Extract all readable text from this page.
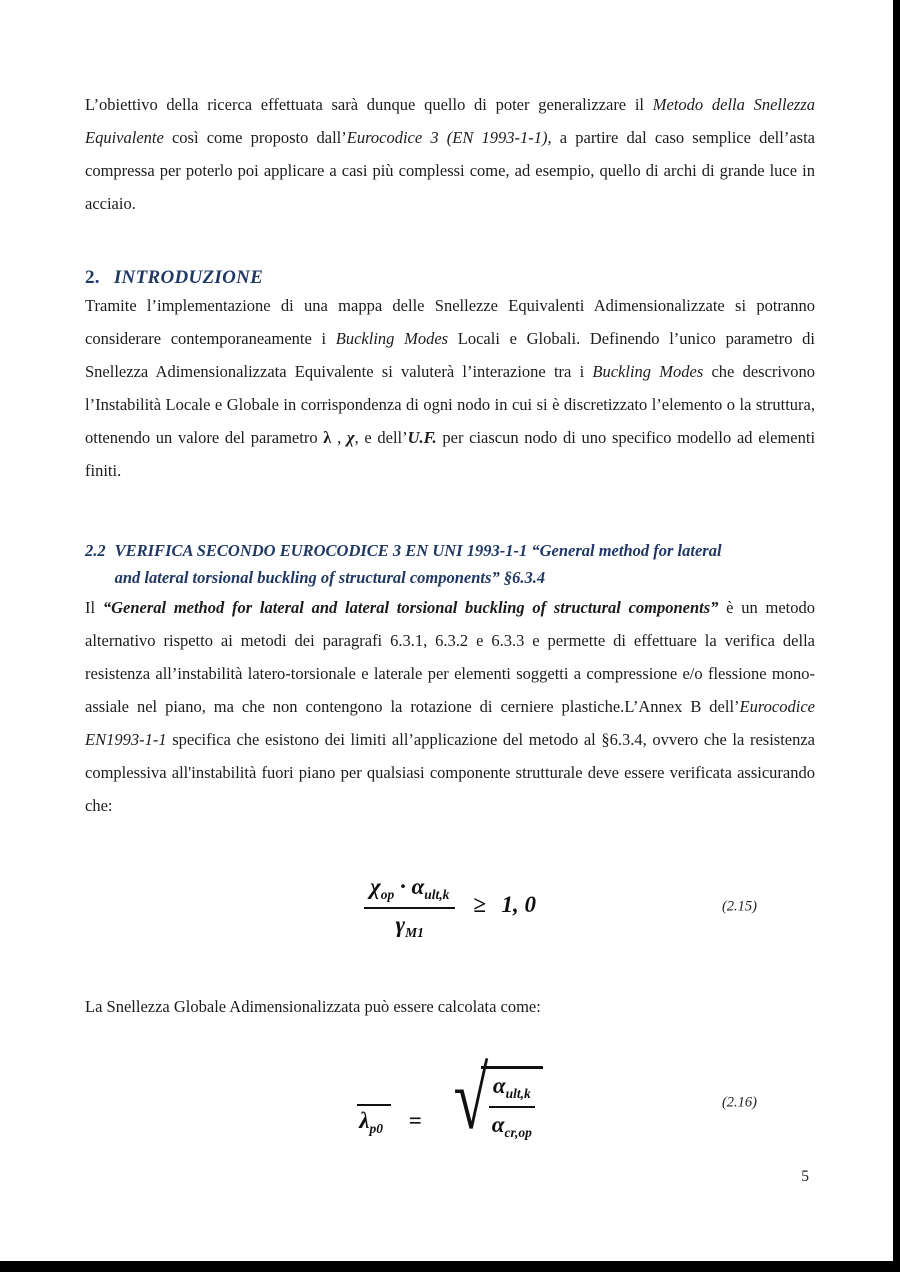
L’obiettivo della ricerca effettuata sarà dunque quello di poter generalizzare il Metodo della Snellezza Equivalente così come proposto dall’Eurocodice 3 (EN 1993-1-1), a partire dal caso semplice dell’asta compressa per poterlo poi applicare a casi più complessi come, ad esempio, quello di archi di grande luce in acciaio.

2. INTRODUZIONE

Tramite l’implementazione di una mappa delle Snellezze Equivalenti Adimensionalizzate si potranno considerare contemporaneamente i Buckling Modes Locali e Globali. Definendo l’unico parametro di Snellezza Adimensionalizzata Equivalente si valuterà l’interazione tra i Buckling Modes che descrivono l’Instabilità Locale e Globale in corrispondenza di ogni nodo in cui si è discretizzato l’elemento o la struttura, ottenendo un valore del parametro λ , χ, e dell’U.F. per ciascun nodo di uno specifico modello ad elementi finiti.

2.2 VERIFICA SECONDO EUROCODICE 3 EN UNI 1993-1-1 “General method for lateral
and lateral torsional buckling of structural components” §6.3.4

Il “General method for lateral and lateral torsional buckling of structural components” è un metodo alternativo rispetto ai metodi dei paragrafi 6.3.1, 6.3.2 e 6.3.3 e permette di effettuare la verifica della resistenza all’instabilità latero-torsionale e laterale per elementi soggetti a compressione e/o flessione mono-assiale nel piano, ma che non contengono la rotazione di cerniere plastiche.L’Annex B dell’Eurocodice EN1993-1-1 specifica che esistono dei limiti all’applicazione del metodo al §6.3.4, ovvero che la resistenza complessiva all'instabilità fuori piano per qualsiasi componente strutturale deve essere verificata assicurando che:

$\frac{\chi_{op} \cdot \alpha_{ult,k}}{\gamma_{M1}} \ge 1$, 0	(2.15)

La Snellezza Globale Adimensionalizzata può essere calcolata come:

$\lambda_{p0}$ = √
$\frac{\alpha_{ult,k}}{\alpha_{cr,op}}$	(2.16)
5
